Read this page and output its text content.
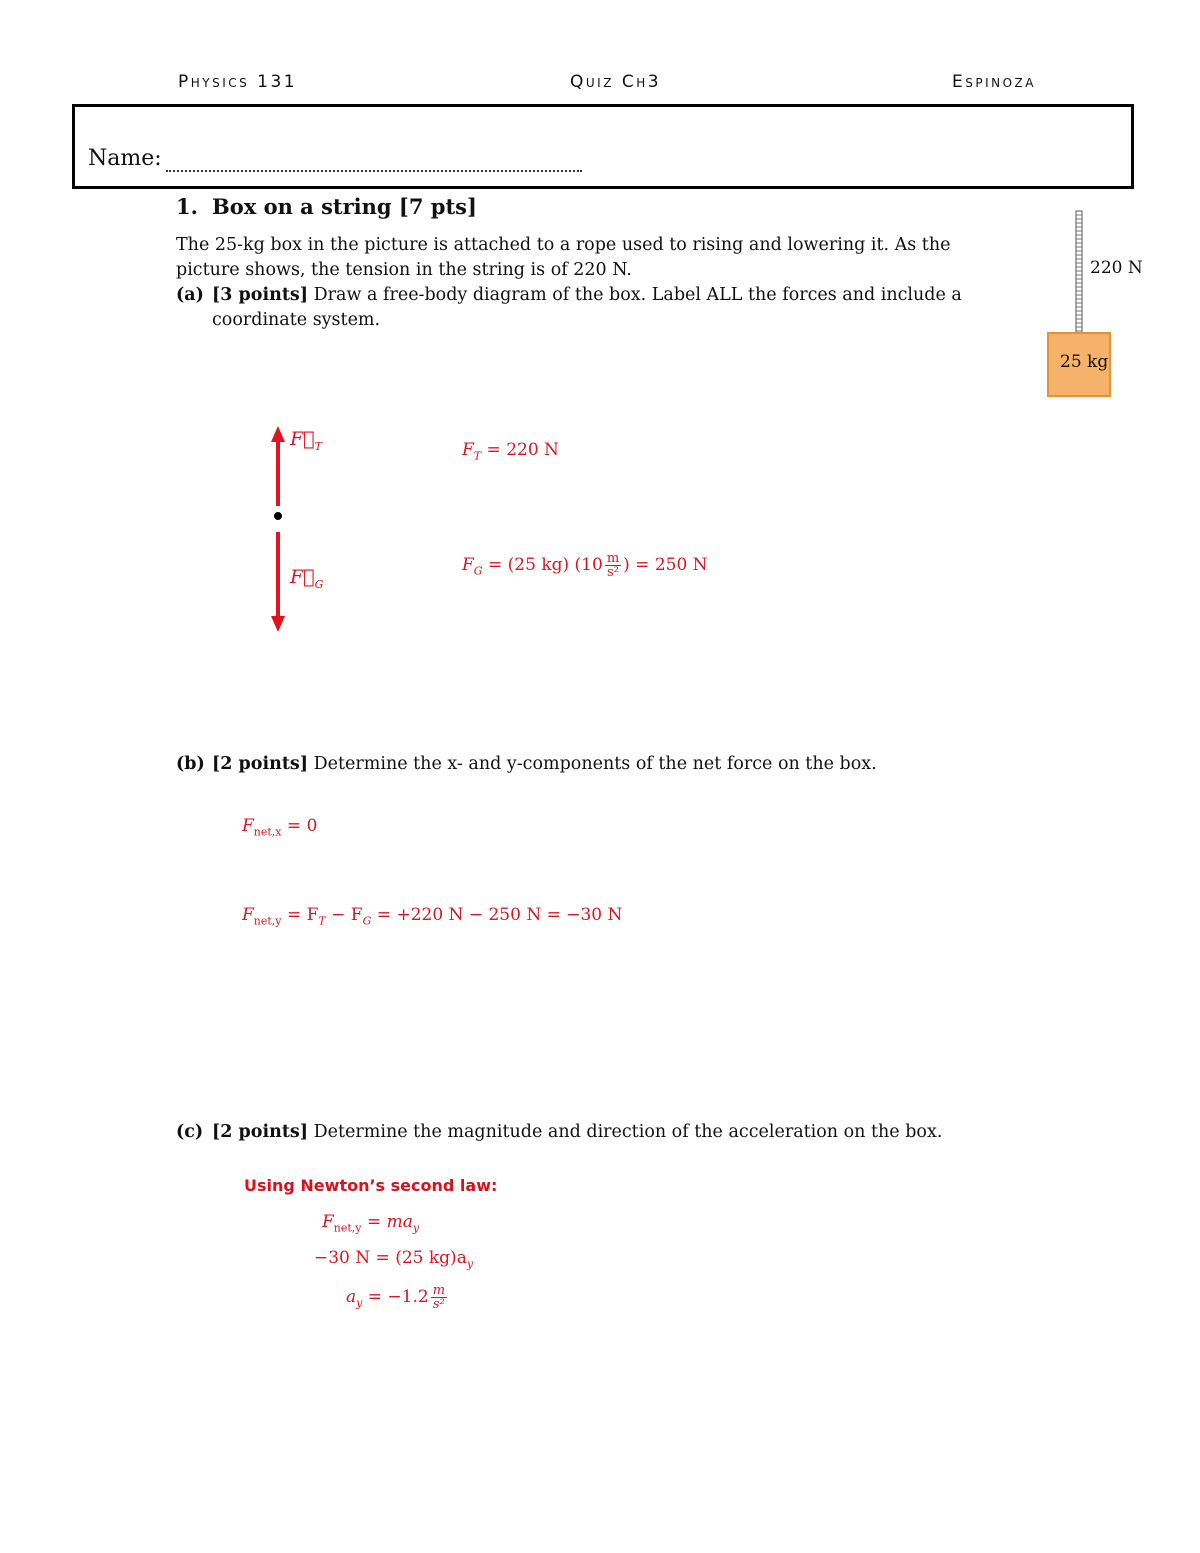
Physics 131	Quiz Ch3	Espinoza
Name:
1. Box on a string [7 pts]
The 25-kg box in the picture is attached to a rope used to rising and lowering it. As the picture shows, the tension in the string is of 220 N.
(a) [3 points] Draw a free-body diagram of the box. Label ALL the forces and include a coordinate system.
220 N
25 kg
$F⃗_T$
$F⃗_G$
$F_T = 220$ N
$F_G = (25$ kg) ($10 \frac{m}{\text{s²}}$ ) = 250 N
(b) [2 points] Determine the x- and y-components of the net force on the box.
$F_{net,x} = 0$
$F_{net,y} = F_T - F_G = +220$ N − 250 N = −30 N
(c) [2 points] Determine the magnitude and direction of the acceleration on the box.
Using Newton’s second law:
$F_{net,y} = ma_y$
−30 N = (25 $kg)a_y$
$a_y = -1.2 \frac{m}{\text{s²}}$
